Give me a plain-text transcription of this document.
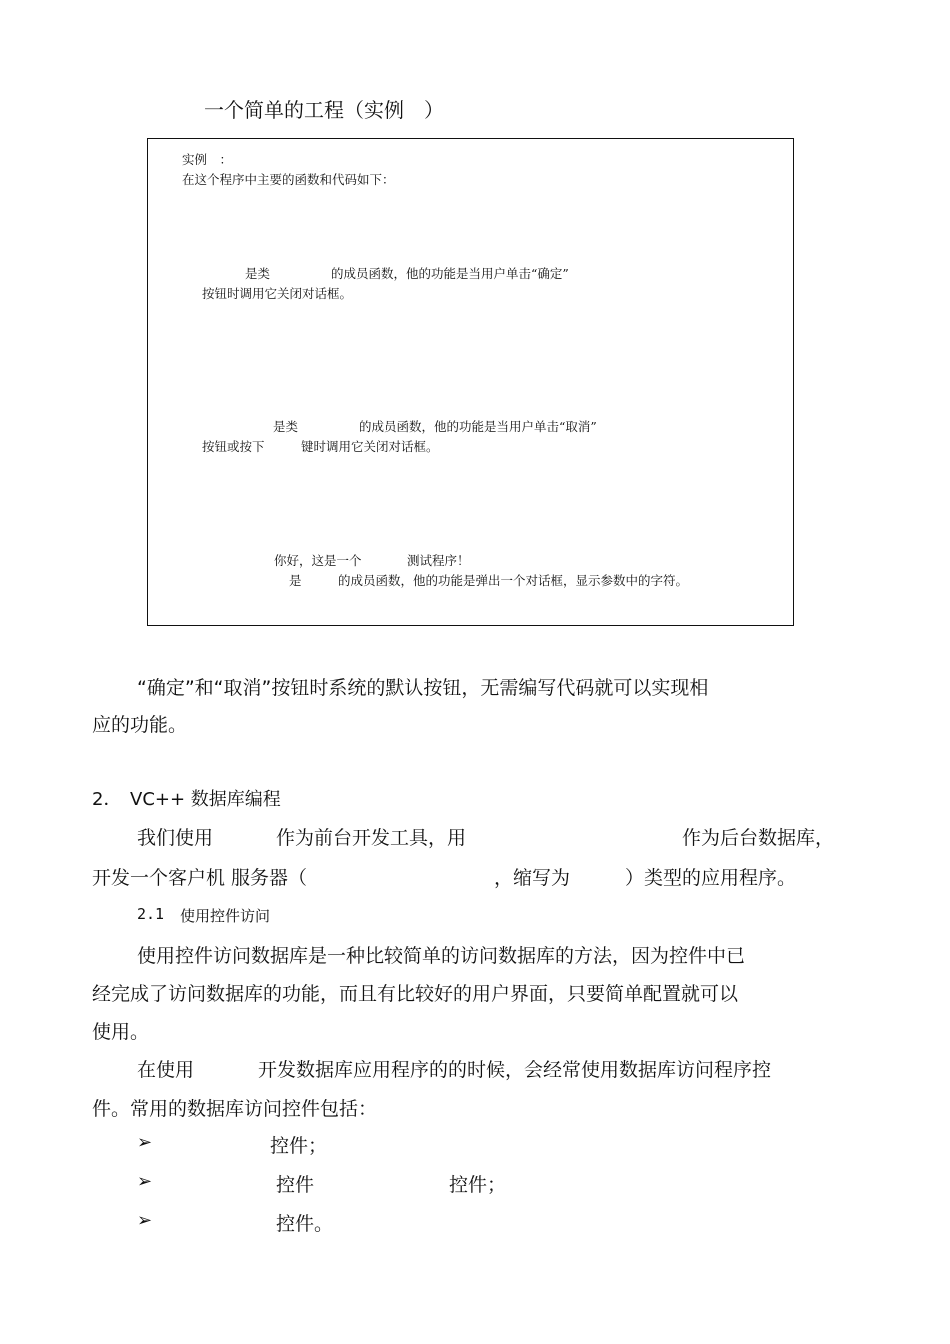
一个简单的工程（实例　）
实例　：
在这个程序中主要的函数和代码如下：
是类	的成员函数，他的功能是当用户单击“确定”
按钮时调用它关闭对话框。
是类	的成员函数，他的功能是当用户单击“取消”
按钮或按下	键时调用它关闭对话框。
你好，这是一个	测试程序！
是	的成员函数，他的功能是弹出一个对话框，显示参数中的字符。
“确定”和“取消”按钮时系统的默认按钮，无需编写代码就可以实现相
应的功能。
2． VC++ 数据库编程
我们使用	作为前台开发工具，用	作为后台数据库，
开发一个客户机 服务器（	，缩写为	）类型的应用程序。
2.1 使用控件访问
使用控件访问数据库是一种比较简单的访问数据库的方法，因为控件中已
经完成了访问数据库的功能，而且有比较好的用户界面，只要简单配置就可以
使用。
在使用	开发数据库应用程序的的时候，会经常使用数据库访问程序控
件。常用的数据库访问控件包括：
➢	控件；
➢	控件	控件；
➢	控件。
